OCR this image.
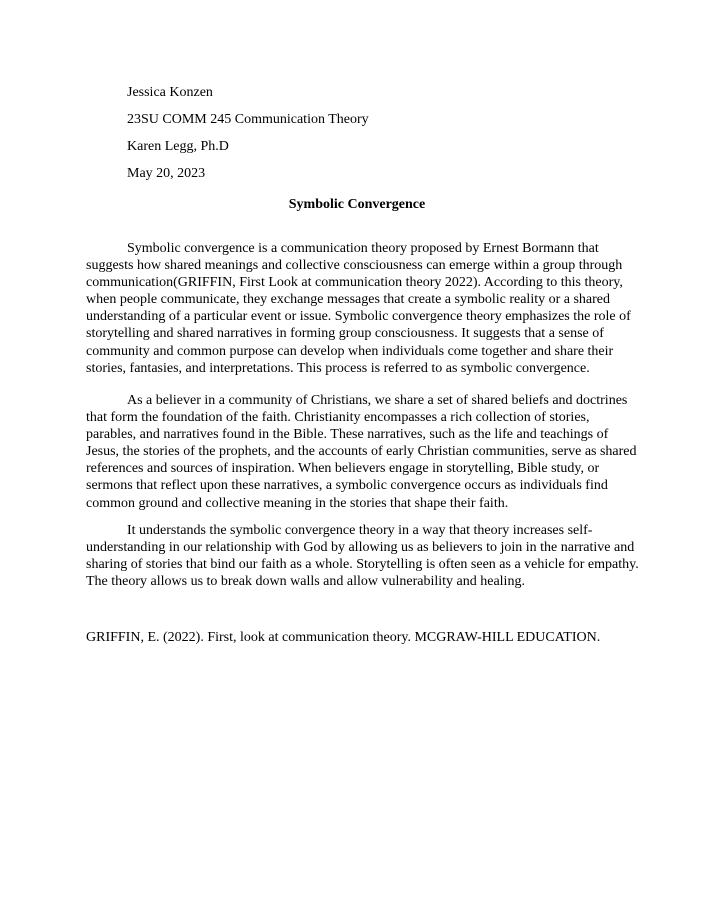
Jessica Konzen
23SU COMM 245 Communication Theory
Karen Legg, Ph.D
May 20, 2023
Symbolic Convergence

Symbolic convergence is a communication theory proposed by Ernest Bormann that suggests how shared meanings and collective consciousness can emerge within a group through communication(GRIFFIN, First Look at communication theory 2022). According to this theory, when people communicate, they exchange messages that create a symbolic reality or a shared understanding of a particular event or issue. Symbolic convergence theory emphasizes the role of storytelling and shared narratives in forming group consciousness. It suggests that a sense of community and common purpose can develop when individuals come together and share their stories, fantasies, and interpretations. This process is referred to as symbolic convergence.

As a believer in a community of Christians, we share a set of shared beliefs and doctrines that form the foundation of the faith. Christianity encompasses a rich collection of stories, parables, and narratives found in the Bible. These narratives, such as the life and teachings of Jesus, the stories of the prophets, and the accounts of early Christian communities, serve as shared references and sources of inspiration. When believers engage in storytelling, Bible study, or sermons that reflect upon these narratives, a symbolic convergence occurs as individuals find common ground and collective meaning in the stories that shape their faith.

It understands the symbolic convergence theory in a way that theory increases self-understanding in our relationship with God by allowing us as believers to join in the narrative and sharing of stories that bind our faith as a whole. Storytelling is often seen as a vehicle for empathy. The theory allows us to break down walls and allow vulnerability and healing.

GRIFFIN, E. (2022). First, look at communication theory. MCGRAW-HILL EDUCATION.
